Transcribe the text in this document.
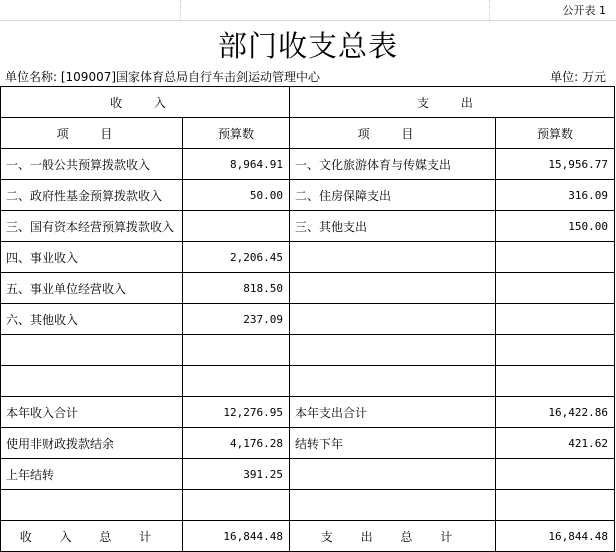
公开表 1
部门收支总表
单位名称: [109007]国家体育总局自行车击剑运动管理中心	单位: 万元
收 入		支 出	
项 目	预算数	项 目	预算数
一、一般公共预算拨款收入	8,964.91	一、文化旅游体育与传媒支出	15,956.77
二、政府性基金预算拨款收入	50.00	二、住房保障支出	316.09
三、国有资本经营预算拨款收入		三、其他支出	150.00
四、事业收入	2,206.45		
五、事业单位经营收入	818.50		
六、其他收入	237.09		

本年收入合计	12,276.95	本年支出合计	16,422.86
使用非财政拨款结余	4,176.28	结转下年	421.62
上年结转	391.25		

收 入 总 计	16,844.48	支 出 总 计	16,844.48
